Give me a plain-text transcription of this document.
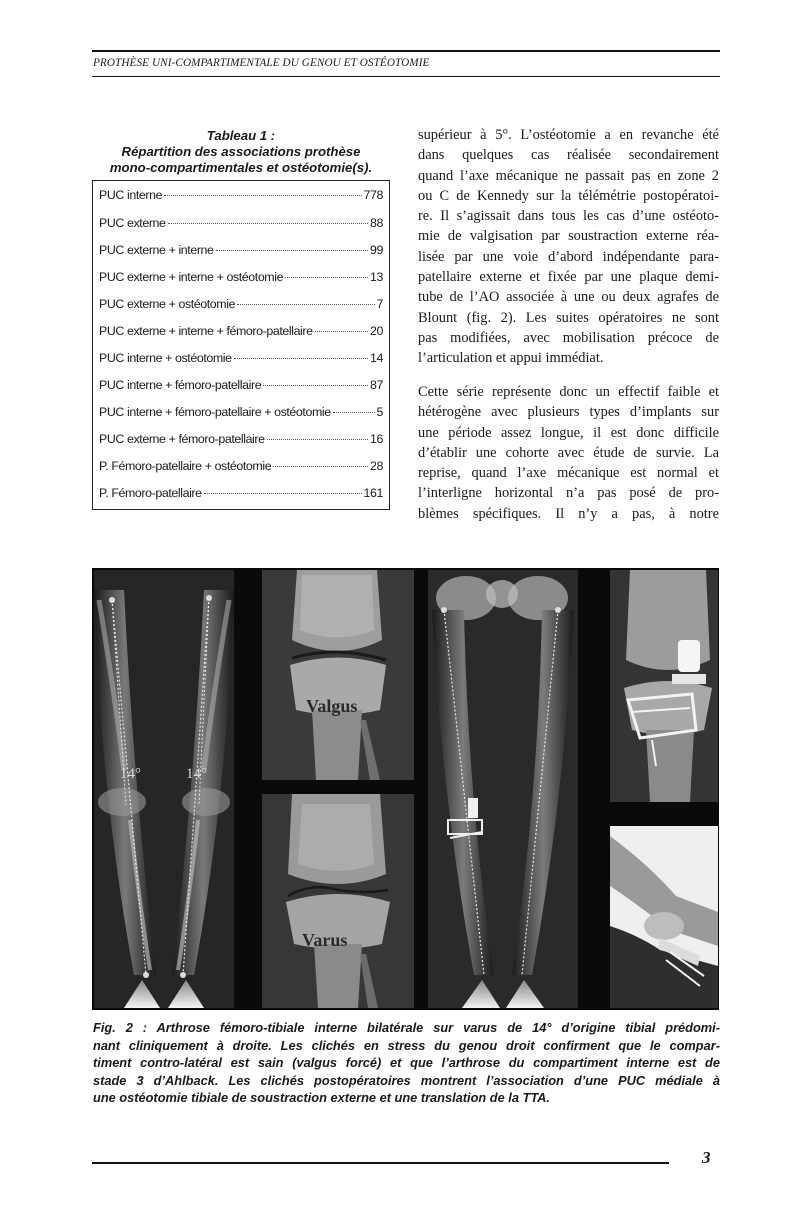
PROTHÈSE UNI-COMPARTIMENTALE DU GENOU ET OSTÉOTOMIE
Tableau 1 :
Répartition des associations prothèse
mono-compartimentales et ostéotomie(s).
PUC interne	778
PUC externe	88
PUC externe + interne	99
PUC externe + interne + ostéotomie	13
PUC externe + ostéotomie	7
PUC externe + interne + fémoro-patellaire	20
PUC interne + ostéotomie	14
PUC interne + fémoro-patellaire	87
PUC interne + fémoro-patellaire + ostéotomie	5
PUC externe + fémoro-patellaire	16
P. Fémoro-patellaire + ostéotomie	28
P. Fémoro-patellaire	161
supérieur à 5°. L’ostéotomie a en revanche été
dans quelques cas réalisée secondairement
quand l’axe mécanique ne passait pas en zone 2
ou C de Kennedy sur la télémétrie postopératoi-
re. Il s’agissait dans tous les cas d’une ostéoto-
mie de valgisation par soustraction externe réa-
lisée par une voie d’abord indépendante para-
patellaire externe et fixée par une plaque demi-
tube de l’AO associée à une ou deux agrafes de
Blount (fig. 2). Les suites opératoires ne sont
pas modifiées, avec mobilisation précoce de
l’articulation et appui immédiat.
Cette série représente donc un effectif faible et
hétérogène avec plusieurs types d’implants sur
une période assez longue, il est donc difficile
d’établir une cohorte avec étude de survie. La
reprise, quand l’axe mécanique est normal et
l’interligne horizontal n’a pas posé de pro-
blèmes spécifiques. Il n’y a pas, à notre
14°	14°
Valgus
Varus
Fig. 2 : Arthrose fémoro-tibiale interne bilatérale sur varus de 14° d’origine tibial prédomi-
nant cliniquement à droite. Les clichés en stress du genou droit confirment que le compar-
timent contro-latéral est sain (valgus forcé) et que l’arthrose du compartiment interne est de
stade 3 d’Ahlback. Les clichés postopératoires montrent l’association d’une PUC médiale à
une ostéotomie tibiale de soustraction externe et une translation de la TTA.
3
